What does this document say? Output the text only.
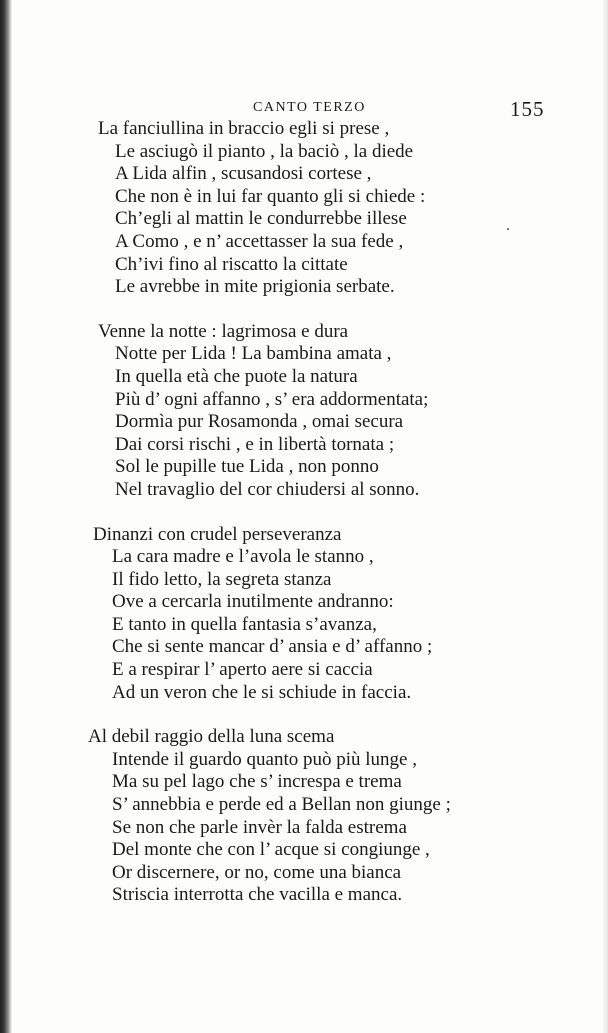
CANTO TERZO	155
La fanciullina in braccio egli si prese ,
Le asciugò il pianto , la baciò , la diede
A Lida alfin , scusandosi cortese ,
Che non è in lui far quanto gli si chiede :
Ch’egli al mattin le condurrebbe illese
A Como , e n’ accettasser la sua fede ,
Ch’ivi fino al riscatto la cittate
Le avrebbe in mite prigionia serbate.
Venne la notte : lagrimosa e dura
Notte per Lida ! La bambina amata ,
In quella età che puote la natura
Più d’ ogni affanno , s’ era addormentata;
Dormìa pur Rosamonda , omai secura
Dai corsi rischi , e in libertà tornata ;
Sol le pupille tue Lida , non ponno
Nel travaglio del cor chiudersi al sonno.
Dinanzi con crudel perseveranza
La cara madre e l’avola le stanno ,
Il fido letto, la segreta stanza
Ove a cercarla inutilmente andranno:
E tanto in quella fantasia s’avanza,
Che si sente mancar d’ ansia e d’ affanno ;
E a respirar l’ aperto aere si caccia
Ad un veron che le si schiude in faccia.
Al debil raggio della luna scema
Intende il guardo quanto può più lunge ,
Ma su pel lago che s’ increspa e trema
S’ annebbia e perde ed a Bellan non giunge ;
Se non che parle invèr la falda estrema
Del monte che con l’ acque si congiunge ,
Or discernere, or no, come una bianca
Striscia interrotta che vacilla e manca.
